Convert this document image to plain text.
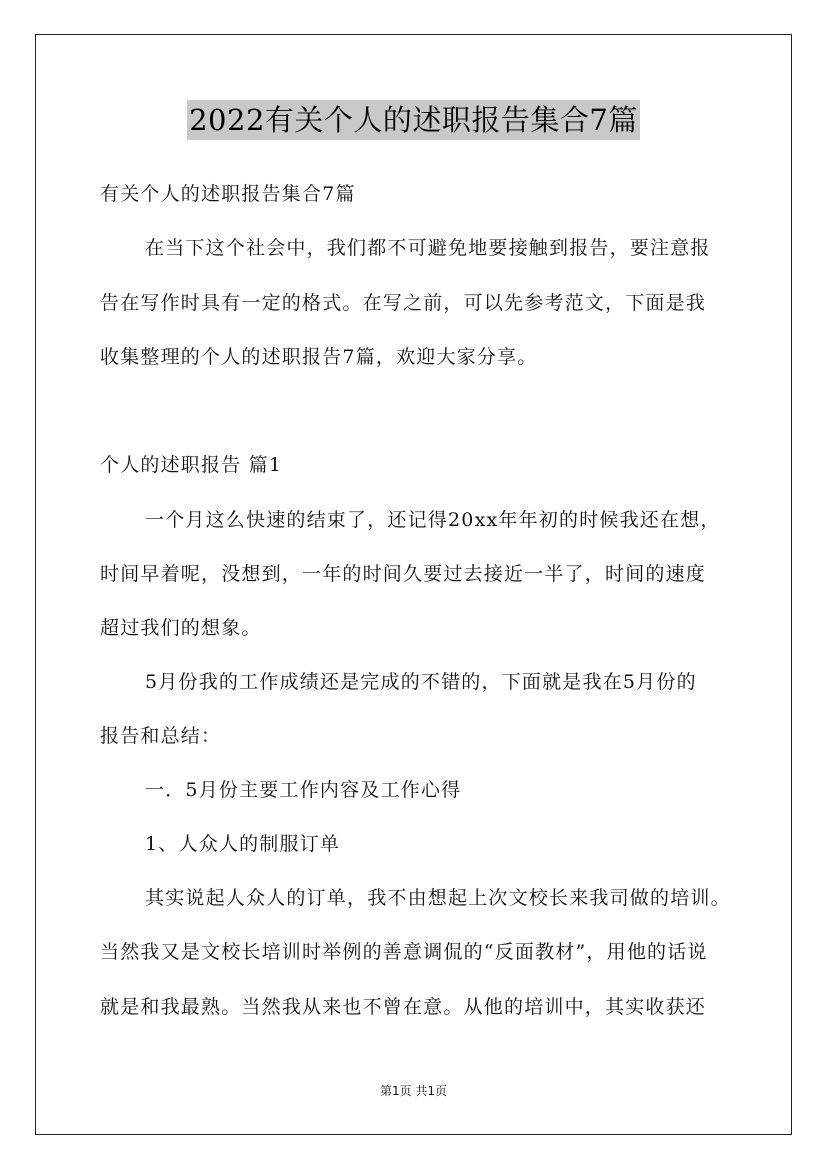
2022有关个人的述职报告集合7篇
有关个人的述职报告集合7篇
在当下这个社会中，我们都不可避免地要接触到报告，要注意报
告在写作时具有一定的格式。在写之前，可以先参考范文，下面是我
收集整理的个人的述职报告7篇，欢迎大家分享。
个人的述职报告 篇1
一个月这么快速的结束了，还记得20xx年年初的时候我还在想，
时间早着呢，没想到，一年的时间久要过去接近一半了，时间的速度
超过我们的想象。
5月份我的工作成绩还是完成的不错的，下面就是我在5月份的
报告和总结：
一．5月份主要工作内容及工作心得
1、人众人的制服订单
其实说起人众人的订单，我不由想起上次文校长来我司做的培训。
当然我又是文校长培训时举例的善意调侃的“反面教材”，用他的话说
就是和我最熟。当然我从来也不曾在意。从他的培训中，其实收获还
第1页 共1页
